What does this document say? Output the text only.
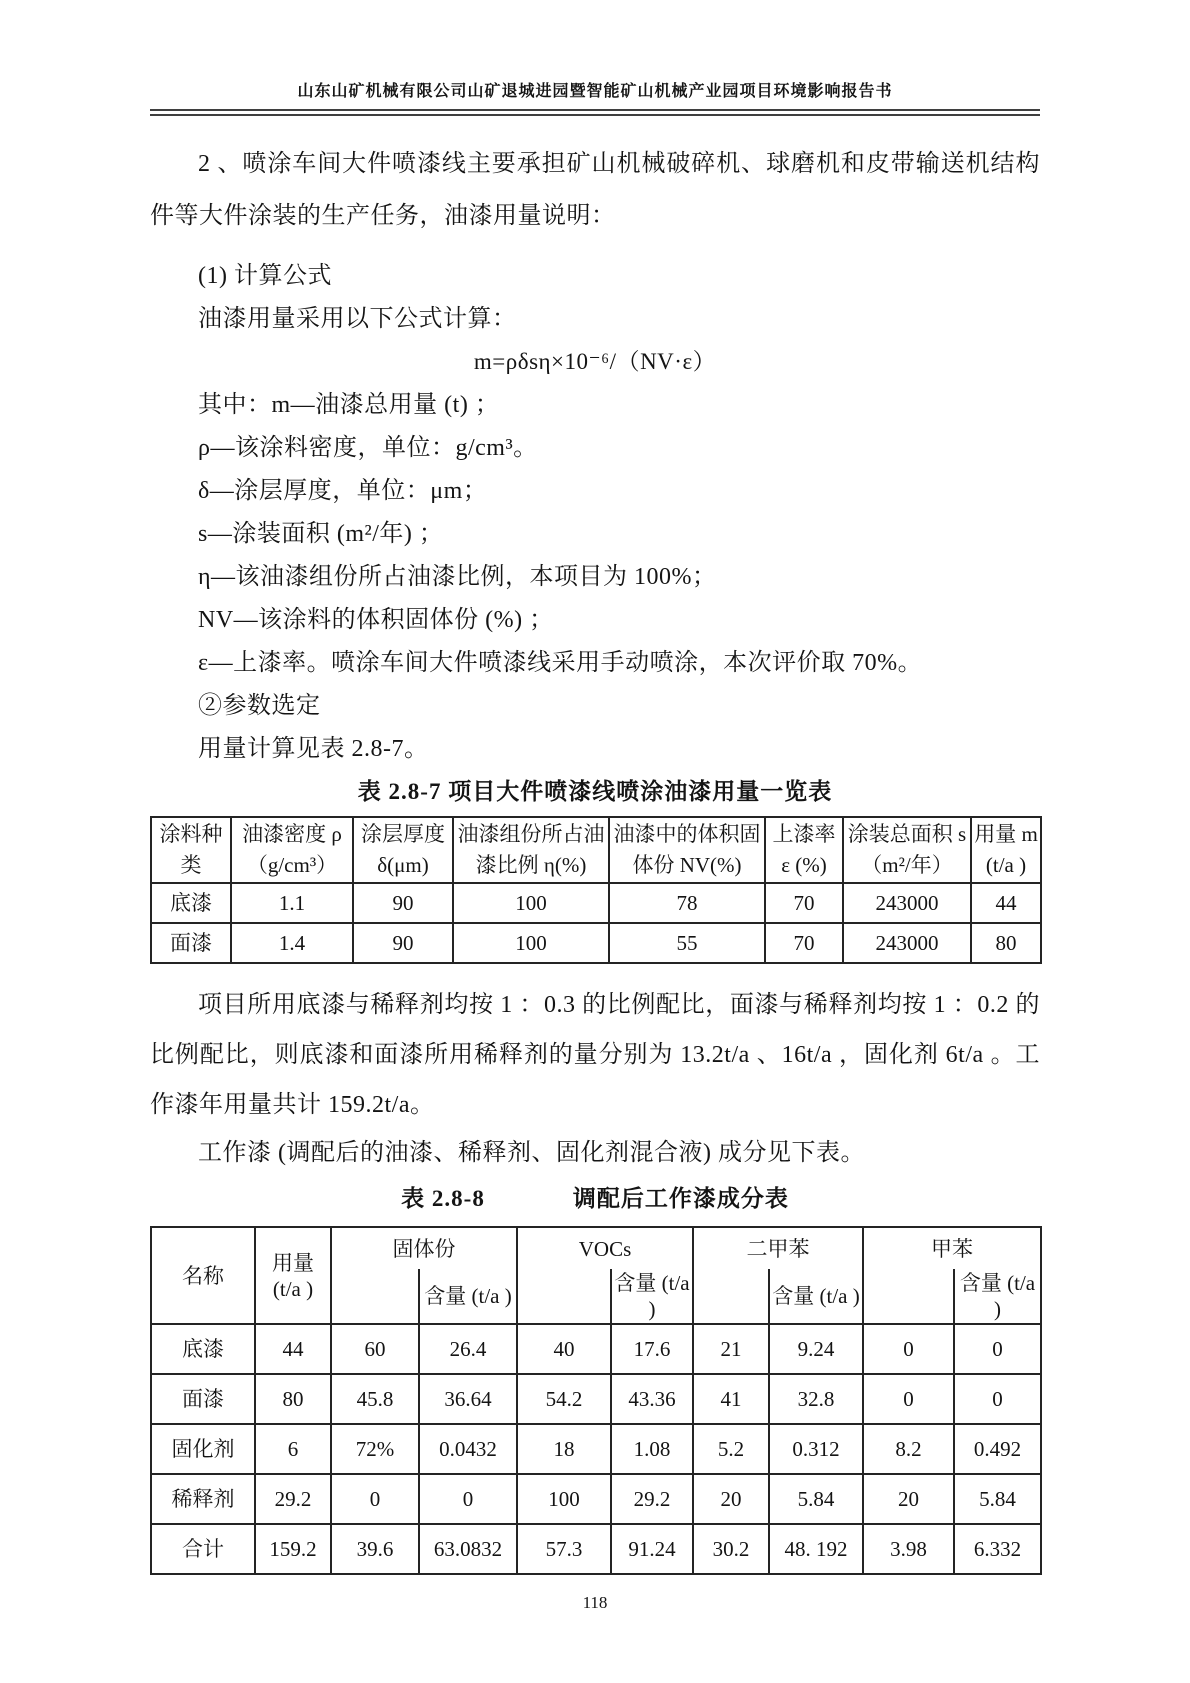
山东山矿机械有限公司山矿退城进园暨智能矿山机械产业园项目环境影响报告书

2 、喷涂车间大件喷漆线主要承担矿山机械破碎机、球磨机和皮带输送机结构件等大件涂装的生产任务，油漆用量说明：

(1) 计算公式

油漆用量采用以下公式计算：

m=ρδsη×10⁻⁶/（NV·ε）

其中：m—油漆总用量 (t) ；

ρ—该涂料密度，单位：g/cm³。

δ—涂层厚度，单位：μm；

s—涂装面积 (m²/年) ；

η—该油漆组份所占油漆比例，本项目为 100%；

NV—该涂料的体积固体份 (%) ；

ε—上漆率。喷涂车间大件喷漆线采用手动喷涂，本次评价取 70%。

②参数选定

用量计算见表 2.8-7。

表 2.8-7 项目大件喷漆线喷涂油漆用量一览表
涂料种类	油漆密度 ρ（g/cm³）	涂层厚度 δ(μm)	油漆组份所占油漆比例 η(%)	油漆中的体积固体份 NV(%)	上漆率 ε (%)	涂装总面积 s（m²/年）	用量 m (t/a )
底漆	1.1	90	100	78	70	243000	44
面漆	1.4	90	100	55	70	243000	80

项目所用底漆与稀释剂均按 1 ：0.3 的比例配比，面漆与稀释剂均按 1 ：0.2 的比例配比，则底漆和面漆所用稀释剂的量分别为 13.2t/a 、16t/a ，固化剂 6t/a 。工作漆年用量共计 159.2t/a。

工作漆 (调配后的油漆、稀释剂、固化剂混合液) 成分见下表。

表 2.8-8	调配后工作漆成分表
名称	用量 (t/a )	固体份		VOCs		二甲苯		甲苯	
			含量 (t/a )		含量 (t/a )		含量 (t/a )		含量 (t/a )
底漆	44	60	26.4	40	17.6	21	9.24	0	0
面漆	80	45.8	36.64	54.2	43.36	41	32.8	0	0
固化剂	6	72%	0.0432	18	1.08	5.2	0.312	8.2	0.492
稀释剂	29.2	0	0	100	29.2	20	5.84	20	5.84
合计	159.2	39.6	63.0832	57.3	91.24	30.2	48. 192	3.98	6.332
118
